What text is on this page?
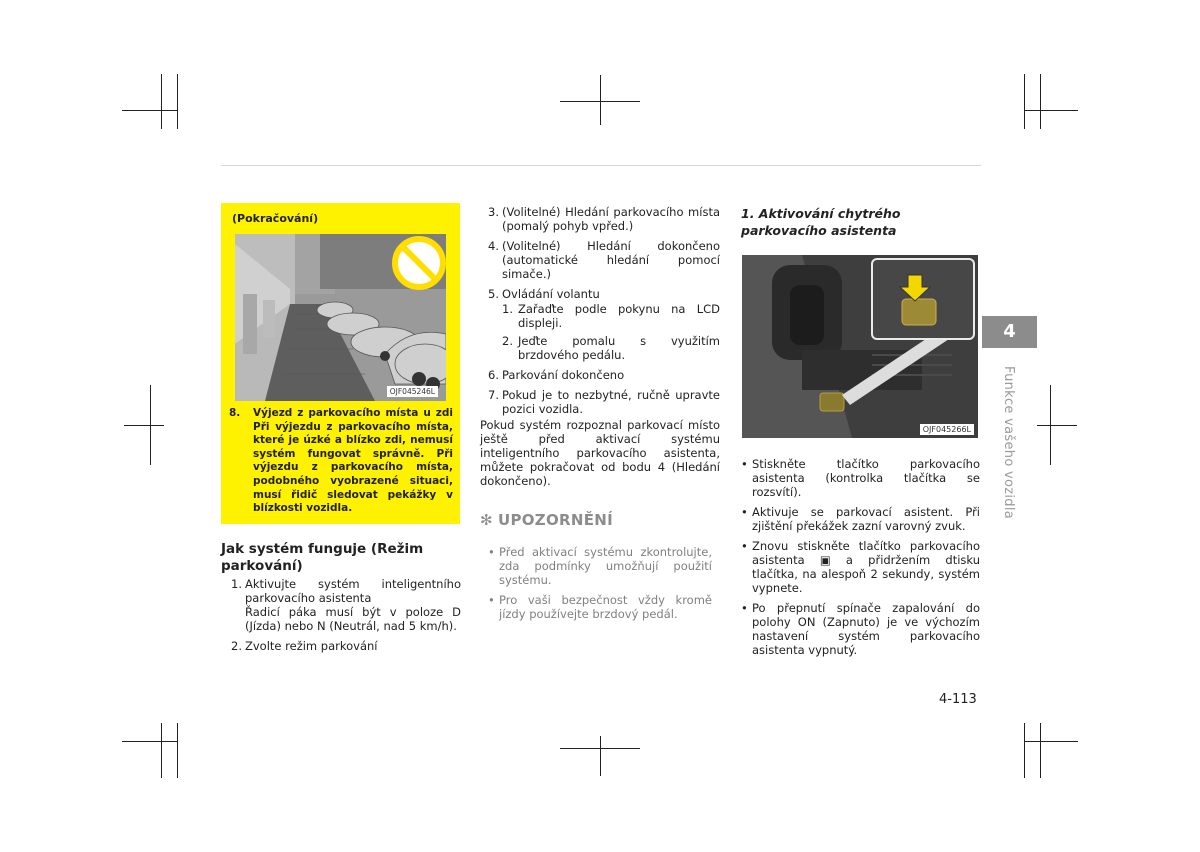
(Pokračování)
OJF045246L
8. Výjezd z parkovacího místa u zdi Při výjezdu z parkovacího místa, které je úzké a blízko zdi, nemusí systém fungovat správně. Při výjezdu z parkovacího místa, podobného vyobrazené situaci, musí řidič sledovat pekážky v blízkosti vozidla.
Jak systém funguje (Režim parkování)
1. Aktivujte systém inteligentního parkovacího asistenta
Řadicí páka musí být v poloze D (Jízda) nebo N (Neutrál, nad 5 km/h).
2. Zvolte režim parkování
3. (Volitelné) Hledání parkovacího místa (pomalý pohyb vpřed.)
4. (Volitelné) Hledání dokončeno (automatické hledání pomocí simače.)
5. Ovládání volantu
1. Zařaďte podle pokynu na LCD displeji.
2. Jeďte pomalu s využitím brzdového pedálu.
6. Parkování dokončeno
7. Pokud je to nezbytné, ručně upravte pozici vozidla.
Pokud systém rozpoznal parkovací místo ještě před aktivací systému inteligentního parkovacího asistenta, můžete pokračovat od bodu 4 (Hledání dokončeno).
✻ UPOZORNĚNÍ
• Před aktivací systému zkontrolujte, zda podmínky umožňují použití systému.
• Pro vaši bezpečnost vždy kromě jízdy používejte brzdový pedál.
1. Aktivování chytrého parkovacího asistenta
OJF045266L
• Stiskněte tlačítko parkovacího asistenta (kontrolka tlačítka se rozsvítí).
• Aktivuje se parkovací asistent. Při zjištění překážek zazní varovný zvuk.
• Znovu stiskněte tlačítko parkovacího asistenta ▣ a přidržením dtisku tlačítka, na alespoň 2 sekundy, systém vypnete.
• Po přepnutí spínače zapalování do polohy ON (Zapnuto) je ve výchozím nastavení systém parkovacího asistenta vypnutý.
4
Funkce vašeho vozidla
4-113
